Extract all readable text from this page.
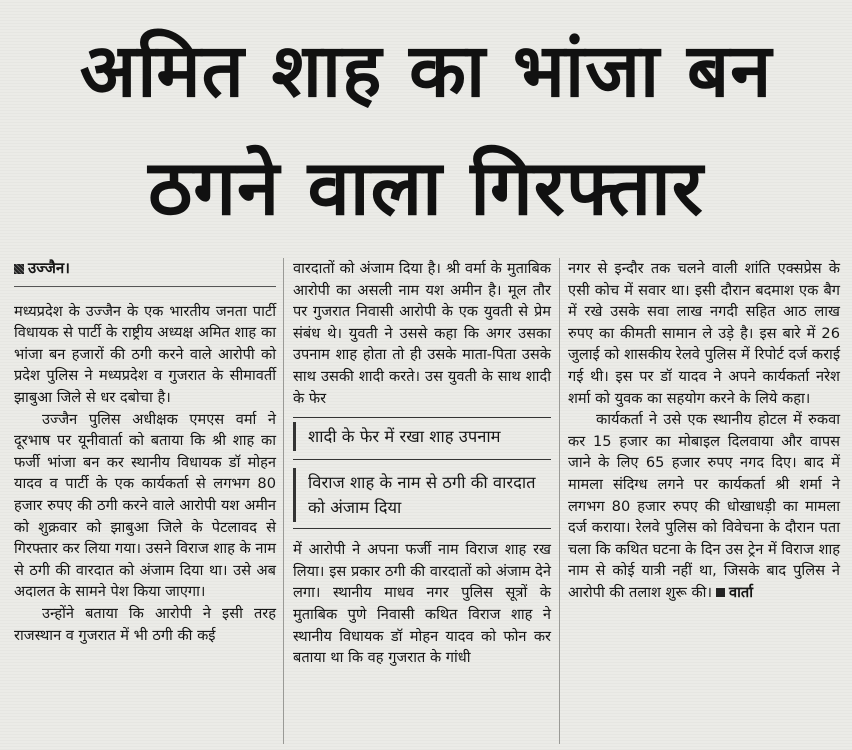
अमित शाह का भांजा बन
ठगने वाला गिरफ्तार
उज्जैन।

मध्यप्रदेश के उज्जैन के एक भारतीय जनता पार्टी विधायक से पार्टी के राष्ट्रीय अध्यक्ष अमित शाह का भांजा बन हजारों की ठगी करने वाले आरोपी को प्रदेश पुलिस ने मध्यप्रदेश व गुजरात के सीमावर्ती झाबुआ जिले से धर दबोचा है।

उज्जैन पुलिस अधीक्षक एमएस वर्मा ने दूरभाष पर यूनीवार्ता को बताया कि श्री शाह का फर्जी भांजा बन कर स्थानीय विधायक डॉ मोहन यादव व पार्टी के एक कार्यकर्ता से लगभग 80 हजार रुपए की ठगी करने वाले आरोपी यश अमीन को शुक्रवार को झाबुआ जिले के पेटलावद से गिरफ्तार कर लिया गया। उसने विराज शाह के नाम से ठगी की वारदात को अंजाम दिया था। उसे अब अदालत के सामने पेश किया जाएगा।

उन्होंने बताया कि आरोपी ने इसी तरह राजस्थान व गुजरात में भी ठगी की कई

वारदातों को अंजाम दिया है। श्री वर्मा के मुताबिक आरोपी का असली नाम यश अमीन है। मूल तौर पर गुजरात निवासी आरोपी के एक युवती से प्रेम संबंध थे। युवती ने उससे कहा कि अगर उसका उपनाम शाह होता तो ही उसके माता-पिता उसके साथ उसकी शादी करते। उस युवती के साथ शादी के फेर

शादी के फेर में रखा शाह उपनाम
विराज शाह के नाम से ठगी की वारदात को अंजाम दिया

में आरोपी ने अपना फर्जी नाम विराज शाह रख लिया। इस प्रकार ठगी की वारदातों को अंजाम देने लगा। स्थानीय माधव नगर पुलिस सूत्रों के मुताबिक पुणे निवासी कथित विराज शाह ने स्थानीय विधायक डॉ मोहन यादव को फोन कर बताया था कि वह गुजरात के गांधी

नगर से इन्दौर तक चलने वाली शांति एक्सप्रेस के एसी कोच में सवार था। इसी दौरान बदमाश एक बैग में रखे उसके सवा लाख नगदी सहित आठ लाख रुपए का कीमती सामान ले उड़े है। इस बारे में 26 जुलाई को शासकीय रेलवे पुलिस में रिपोर्ट दर्ज कराई गई थी। इस पर डॉ यादव ने अपने कार्यकर्ता नरेश शर्मा को युवक का सहयोग करने के लिये कहा।

कार्यकर्ता ने उसे एक स्थानीय होटल में रुकवा कर 15 हजार का मोबाइल दिलवाया और वापस जाने के लिए 65 हजार रुपए नगद दिए। बाद में मामला संदिग्ध लगने पर कार्यकर्ता श्री शर्मा ने लगभग 80 हजार रुपए की धोखाधड़ी का मामला दर्ज कराया। रेलवे पुलिस को विवेचना के दौरान पता चला कि कथित घटना के दिन उस ट्रेन में विराज शाह नाम से कोई यात्री नहीं था, जिसके बाद पुलिस ने आरोपी की तलाश शुरू की। वार्ता
